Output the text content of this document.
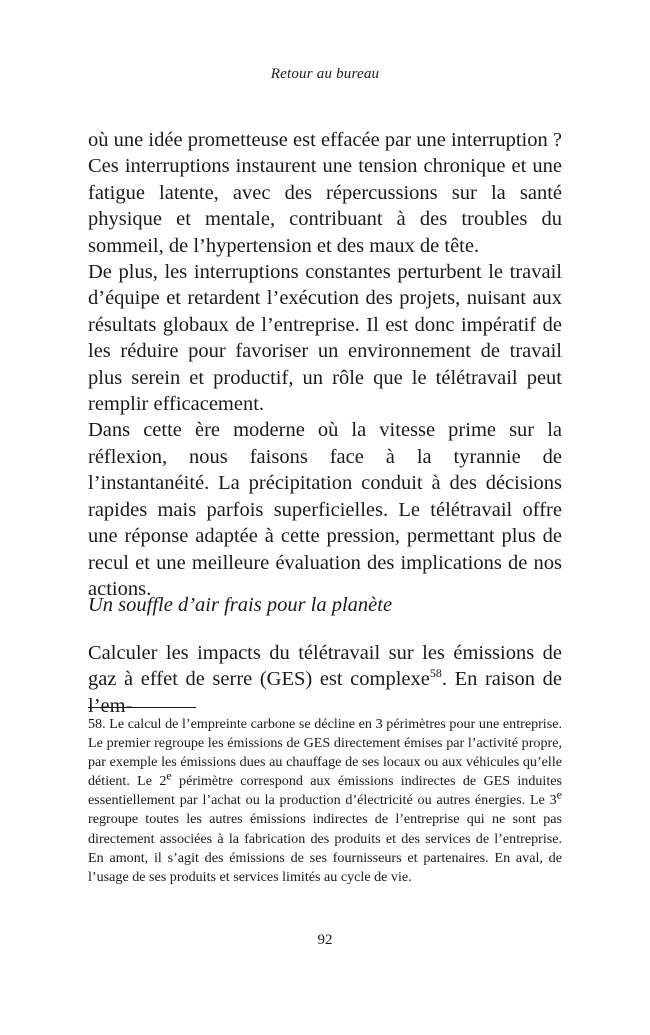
Retour au bureau

où une idée prometteuse est effacée par une interruption ? Ces interruptions instaurent une tension chronique et une fatigue latente, avec des répercussions sur la santé physique et mentale, contribuant à des troubles du sommeil, de l’hypertension et des maux de tête.

De plus, les interruptions constantes perturbent le travail d’équipe et retardent l’exécution des projets, nuisant aux résultats globaux de l’entreprise. Il est donc impératif de les réduire pour favoriser un environnement de travail plus serein et productif, un rôle que le télétravail peut remplir efficacement.

Dans cette ère moderne où la vitesse prime sur la réflexion, nous faisons face à la tyrannie de l’instantanéité. La précipitation conduit à des décisions rapides mais parfois superficielles. Le télétravail offre une réponse adaptée à cette pression, permettant plus de recul et une meilleure évaluation des implications de nos actions.

Un souffle d’air frais pour la planète

Calculer les impacts du télétravail sur les émissions de gaz à effet de serre (GES) est complexe$^{58}$. En raison de l’em-

58. Le calcul de l’empreinte carbone se décline en 3 périmètres pour une entreprise. Le premier regroupe les émissions de GES directement émises par l’activité propre, par exemple les émissions dues au chauffage de ses locaux ou aux véhicules qu’elle détient. Le 2e périmètre correspond aux émissions indirectes de GES induites essentiellement par l’achat ou la production d’électricité ou autres énergies. Le 3e regroupe toutes les autres émissions indirectes de l’entreprise qui ne sont pas directement associées à la fabrication des produits et des services de l’entreprise. En amont, il s’agit des émissions de ses fournisseurs et partenaires. En aval, de l’usage de ses produits et services limités au cycle de vie.

92
